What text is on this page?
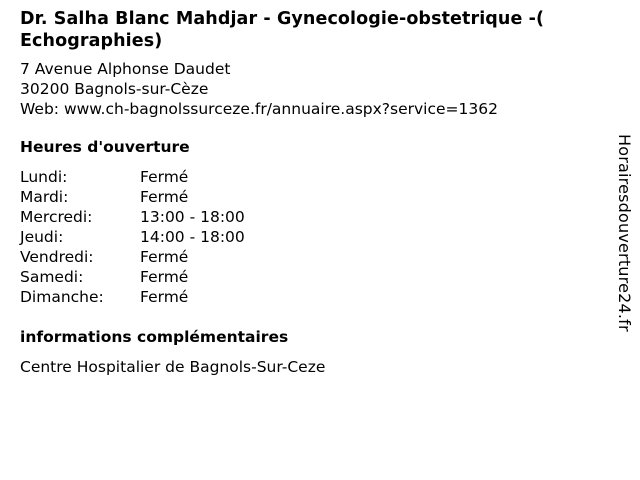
Dr. Salha Blanc Mahdjar - Gynecologie-obstetrique -( Echographies)
7 Avenue Alphonse Daudet
30200 Bagnols-sur-Cèze
Web: www.ch-bagnolssurceze.fr/annuaire.aspx?service=1362
Heures d'ouverture
Lundi:	Fermé
Mardi:	Fermé
Mercredi:	13:00 - 18:00
Jeudi:	14:00 - 18:00
Vendredi:	Fermé
Samedi:	Fermé
Dimanche:	Fermé
informations complémentaires
Centre Hospitalier de Bagnols-Sur-Ceze
Horairesdouverture24.fr
